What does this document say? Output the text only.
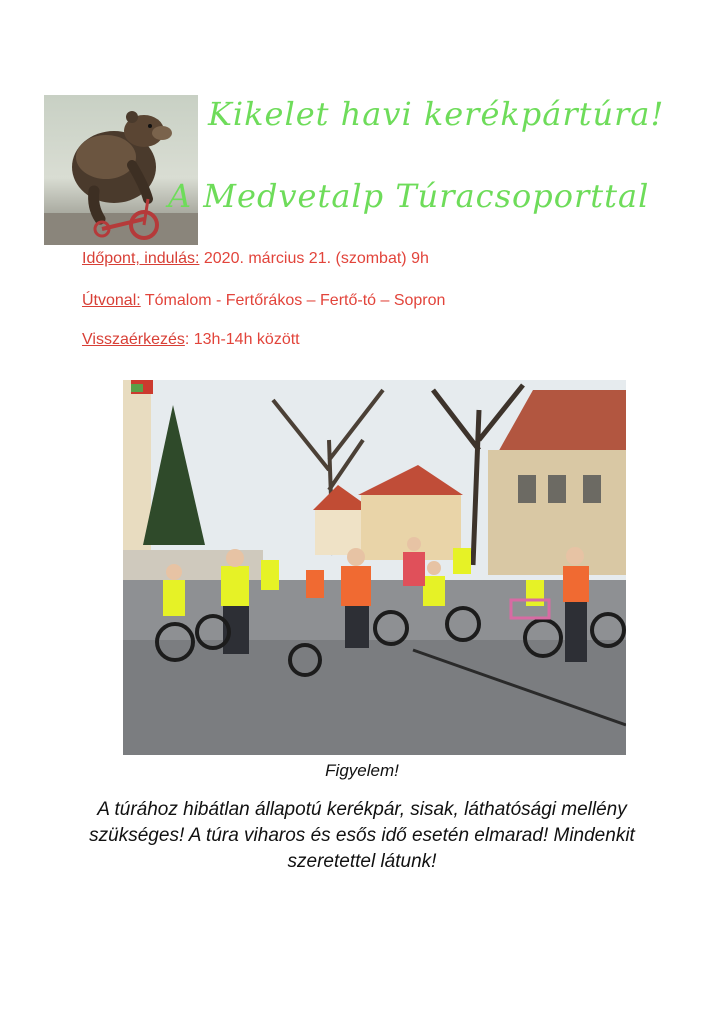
Kikelet havi kerékpártúra!
A Medvetalp Túracsoporttal

Időpont, indulás: 2020. március 21. (szombat) 9h

Útvonal: Tómalom - Fertőrákos – Fertő-tó – Sopron

Visszaérkezés: 13h-14h között

Figyelem!

A túrához hibátlan állapotú kerékpár, sisak, láthatósági mellény szükséges! A túra viharos és esős idő esetén elmarad! Mindenkit szeretettel látunk!
